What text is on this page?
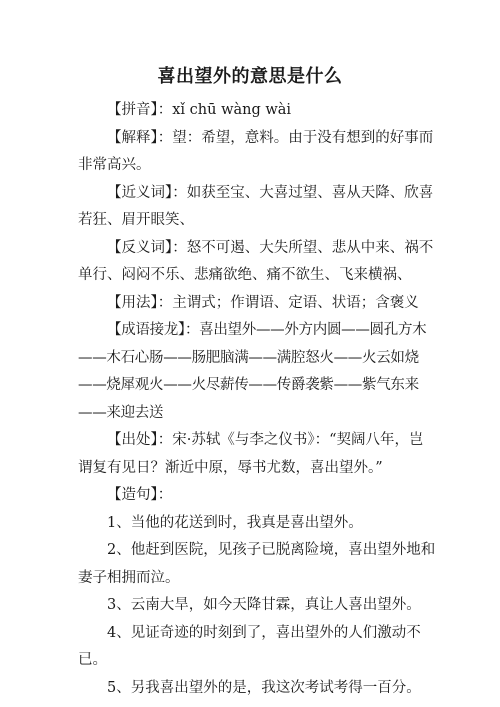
喜出望外的意思是什么

【拼音】：xǐ chū wàng wài

【解释】：望：希望，意料。由于没有想到的好事而非常高兴。

【近义词】：如获至宝、大喜过望、喜从天降、欣喜若狂、眉开眼笑、

【反义词】：怒不可遏、大失所望、悲从中来、祸不单行、闷闷不乐、悲痛欲绝、痛不欲生、飞来横祸、

【用法】：主谓式；作谓语、定语、状语；含褒义

【成语接龙】：喜出望外——外方内圆——圆孔方木——木石心肠——肠肥脑满——满腔怒火——火云如烧——烧犀观火——火尽薪传——传爵袭紫——紫气东来——来迎去送

【出处】：宋·苏轼《与李之仪书》：“契阔八年，岂谓复有见日？渐近中原，辱书尤数，喜出望外。”

【造句】：

1、当他的花送到时，我真是喜出望外。

2、他赶到医院，见孩子已脱离险境，喜出望外地和妻子相拥而泣。

3、云南大旱，如今天降甘霖，真让人喜出望外。

4、见证奇迹的时刻到了，喜出望外的人们激动不已。

5、另我喜出望外的是，我这次考试考得一百分。
